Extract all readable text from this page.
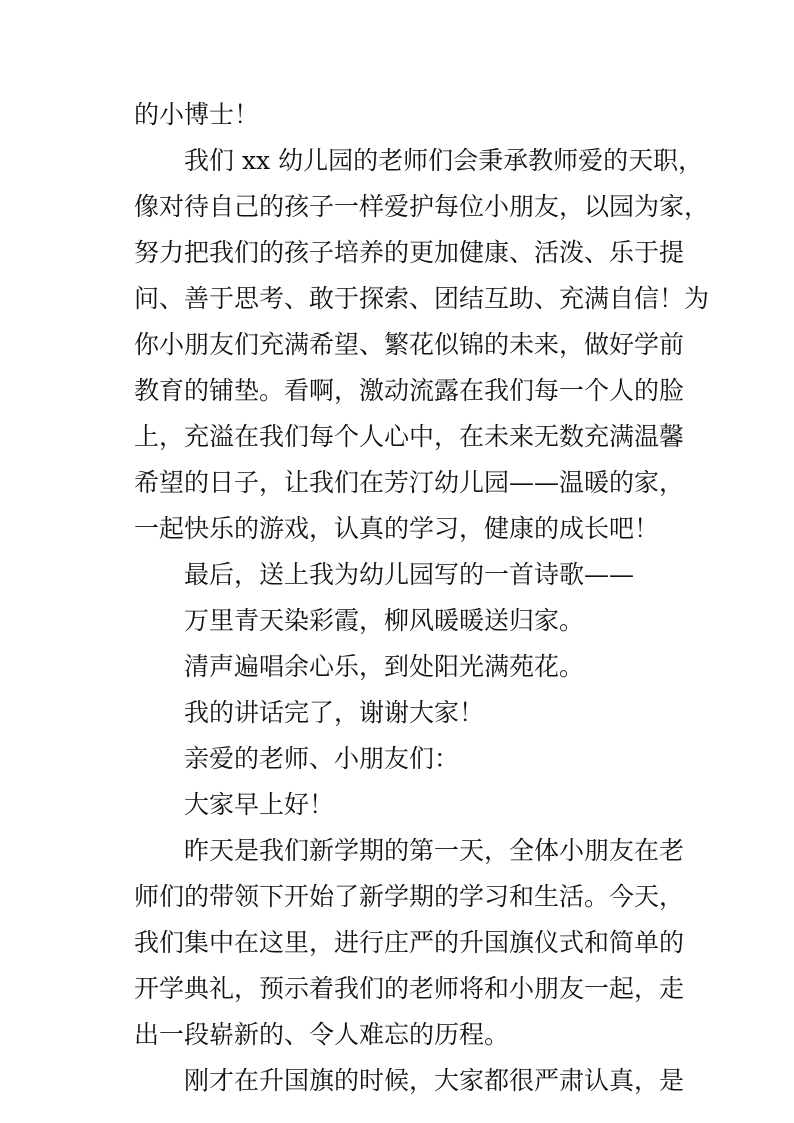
的小博士！
我们 xx 幼儿园的老师们会秉承教师爱的天职，
像对待自己的孩子一样爱护每位小朋友，以园为家，
努力把我们的孩子培养的更加健康、活泼、乐于提
问、善于思考、敢于探索、团结互助、充满自信！为
你小朋友们充满希望、繁花似锦的未来，做好学前
教育的铺垫。看啊，激动流露在我们每一个人的脸
上，充溢在我们每个人心中，在未来无数充满温馨
希望的日子，让我们在芳汀幼儿园——温暖的家，
一起快乐的游戏，认真的学习，健康的成长吧！
最后，送上我为幼儿园写的一首诗歌——
万里青天染彩霞，柳风暖暖送归家。
清声遍唱余心乐，到处阳光满苑花。
我的讲话完了，谢谢大家！
亲爱的老师、小朋友们：
大家早上好！
昨天是我们新学期的第一天，全体小朋友在老
师们的带领下开始了新学期的学习和生活。今天，
我们集中在这里，进行庄严的升国旗仪式和简单的
开学典礼，预示着我们的老师将和小朋友一起，走
出一段崭新的、令人难忘的历程。
刚才在升国旗的时候，大家都很严肃认真，是
